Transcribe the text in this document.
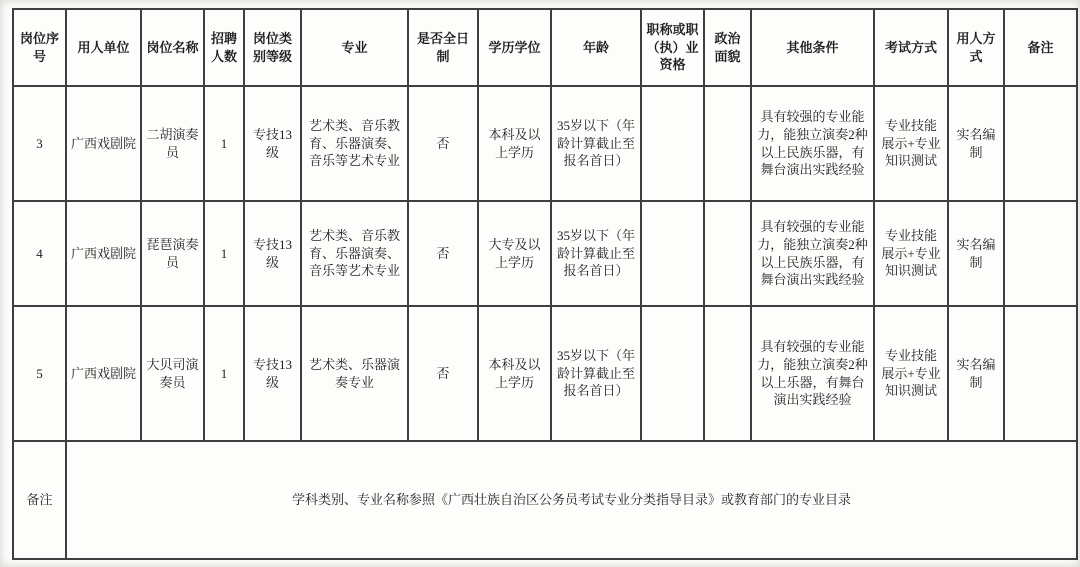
岗位序号	用人单位	岗位名称	招聘人数	岗位类别等级	专业	是否全日制	学历学位	年龄	职称或职（执）业资格	政治面貌	其他条件	考试方式	用人方式	备注
3	广西戏剧院	二胡演奏员	1	专技13级	艺术类、音乐教育、乐器演奏、音乐等艺术专业	否	本科及以上学历	35岁以下（年龄计算截止至报名首日）			具有较强的专业能力，能独立演奏2种以上民族乐器，有舞台演出实践经验	专业技能展示+专业知识测试	实名编制	
4	广西戏剧院	琵琶演奏员	1	专技13级	艺术类、音乐教育、乐器演奏、音乐等艺术专业	否	大专及以上学历	35岁以下（年龄计算截止至报名首日）			具有较强的专业能力，能独立演奏2种以上民族乐器，有舞台演出实践经验	专业技能展示+专业知识测试	实名编制	
5	广西戏剧院	大贝司演奏员	1	专技13级	艺术类、乐器演奏专业	否	本科及以上学历	35岁以下（年龄计算截止至报名首日）			具有较强的专业能力，能独立演奏2种以上乐器，有舞台演出实践经验	专业技能展示+专业知识测试	实名编制	
备注	学科类别、专业名称参照《广西壮族自治区公务员考试专业分类指导目录》或教育部门的专业目录													
